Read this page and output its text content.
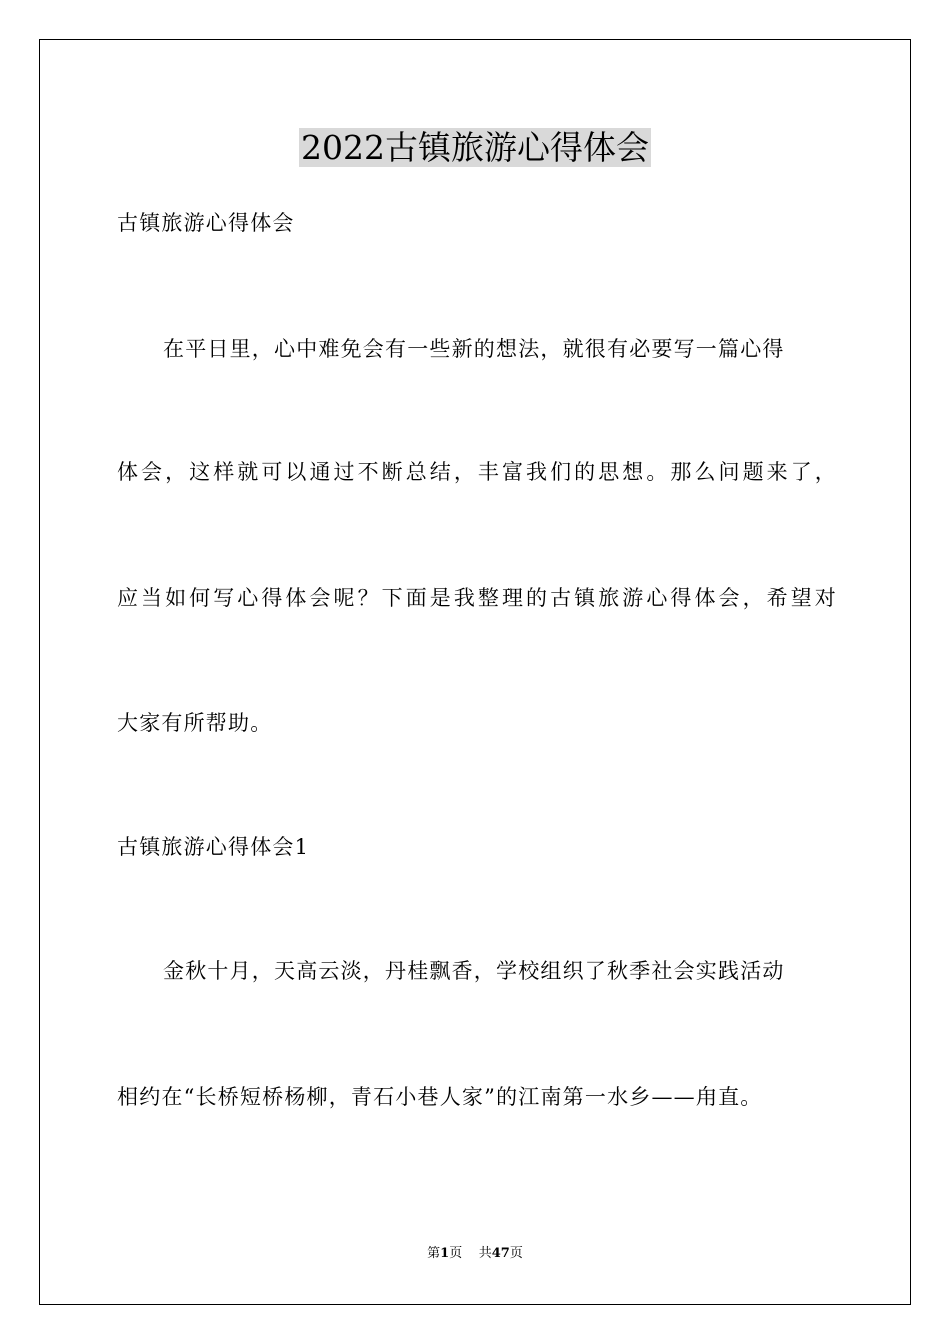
2022古镇旅游心得体会
古镇旅游心得体会
在平日里，心中难免会有一些新的想法，就很有必要写一篇心得
体会，这样就可以通过不断总结，丰富我们的思想。那么问题来了，
应当如何写心得体会呢？下面是我整理的古镇旅游心得体会，希望对
大家有所帮助。
古镇旅游心得体会1
金秋十月，天高云淡，丹桂飘香，学校组织了秋季社会实践活动
相约在“长桥短桥杨柳，青石小巷人家”的江南第一水乡——甪直。
第1页 共47页
